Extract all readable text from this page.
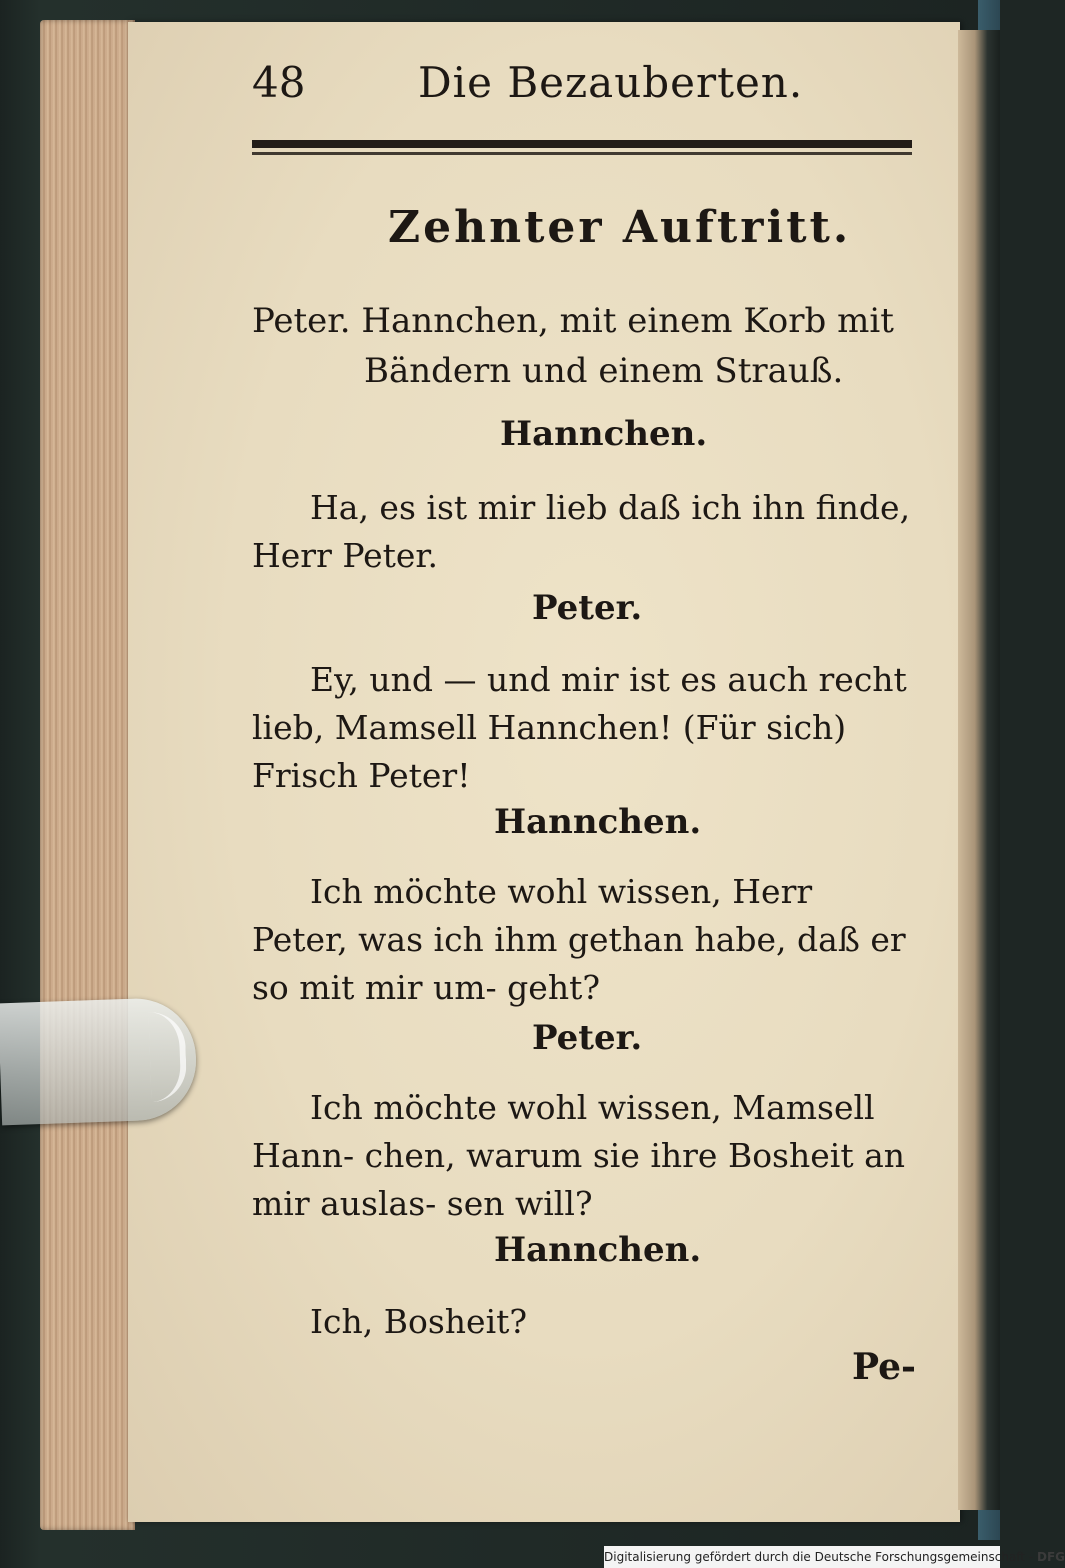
48	Die Bezauberten.
Zehnter Auftritt.
Peter. Hannchen, mit einem Korb mit
Bändern und einem Strauß.
Hannchen.
Ha, es ist mir lieb daß ich ihn finde, Herr Peter.
Peter.
Ey, und — und mir ist es auch recht lieb, Mamsell Hannchen! (Für sich) Frisch Peter!
Hannchen.
Ich möchte wohl wissen, Herr Peter, was ich ihm gethan habe, daß er so mit mir um- geht?
Peter.
Ich möchte wohl wissen, Mamsell Hann- chen, warum sie ihre Bosheit an mir auslas- sen will?
Hannchen.
Ich, Bosheit?
Pe-
Digitalisierung gefördert durch die Deutsche Forschungsgemeinschaft - DFG
